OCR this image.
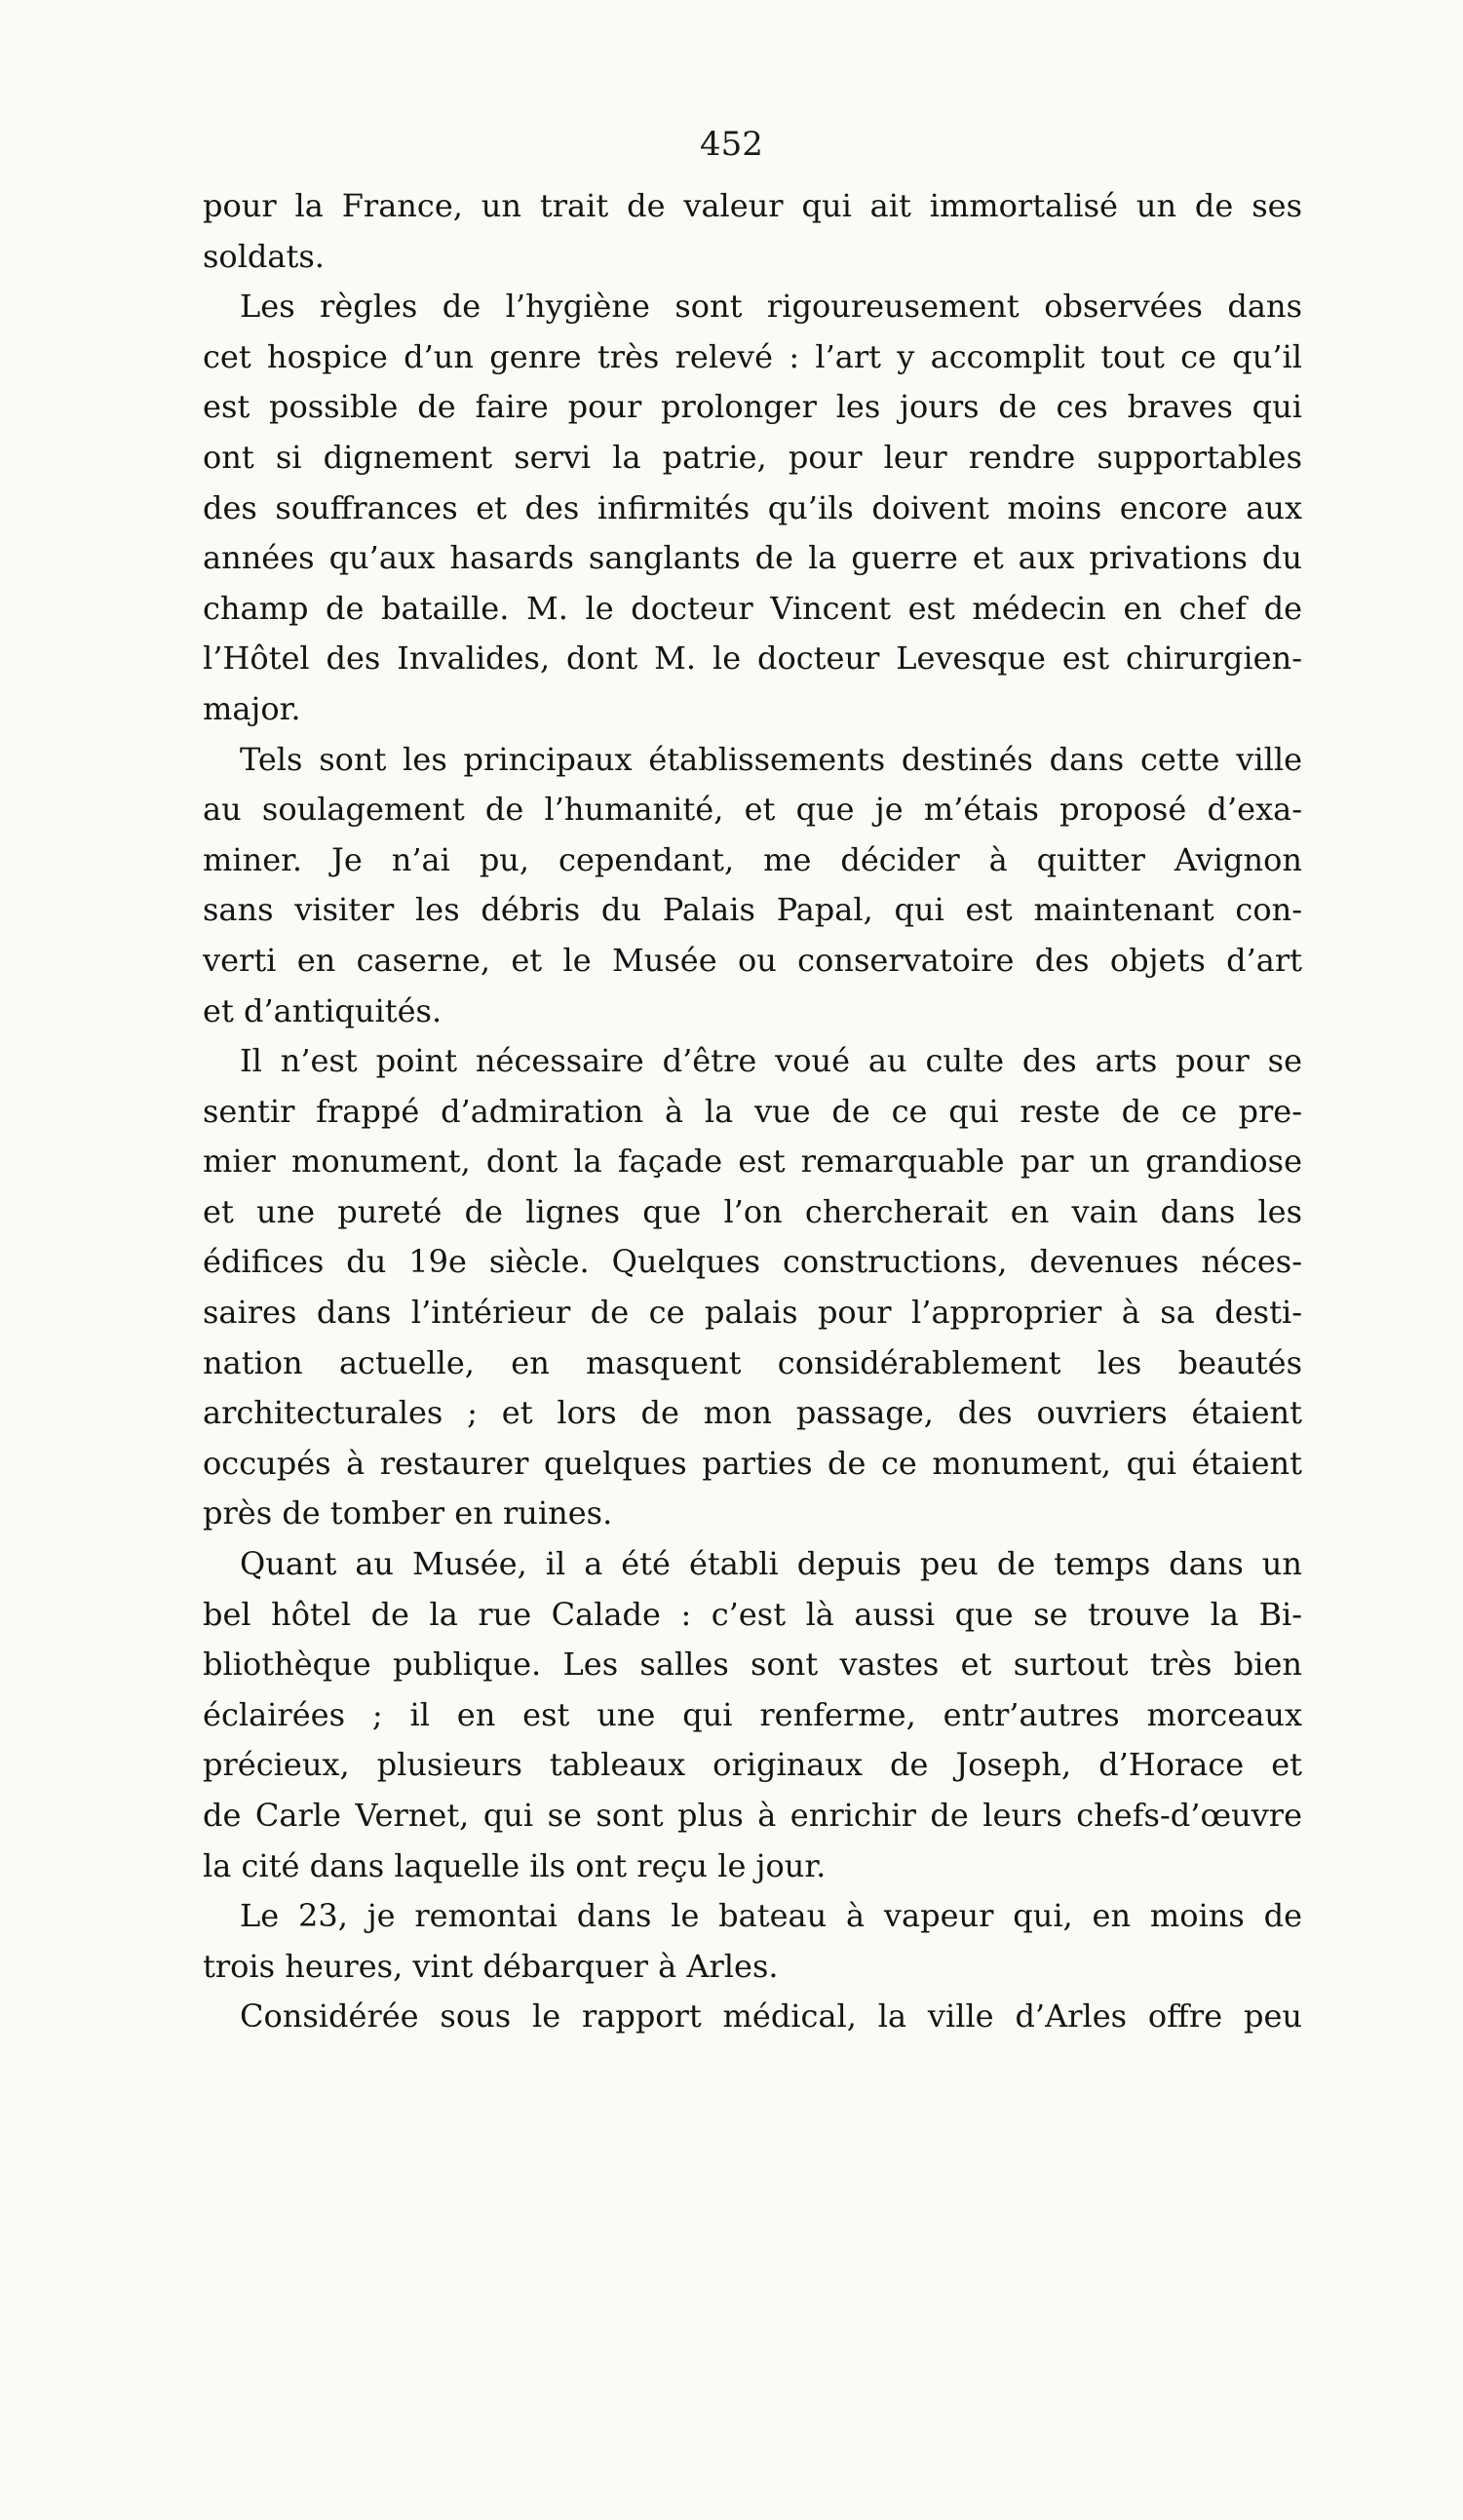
452
pour la France, un trait de valeur qui ait immortalisé un de ses
soldats.
Les règles de l’hygiène sont rigoureusement observées dans
cet hospice d’un genre très relevé : l’art y accomplit tout ce qu’il
est possible de faire pour prolonger les jours de ces braves qui
ont si dignement servi la patrie, pour leur rendre supportables
des souffrances et des infirmités qu’ils doivent moins encore aux
années qu’aux hasards sanglants de la guerre et aux privations du
champ de bataille. M. le docteur Vincent est médecin en chef de
l’Hôtel des Invalides, dont M. le docteur Levesque est chirurgien-
major.
Tels sont les principaux établissements destinés dans cette ville
au soulagement de l’humanité, et que je m’étais proposé d’exa-
miner. Je n’ai pu, cependant, me décider à quitter Avignon
sans visiter les débris du Palais Papal, qui est maintenant con-
verti en caserne, et le Musée ou conservatoire des objets d’art
et d’antiquités.
Il n’est point nécessaire d’être voué au culte des arts pour se
sentir frappé d’admiration à la vue de ce qui reste de ce pre-
mier monument, dont la façade est remarquable par un grandiose
et une pureté de lignes que l’on chercherait en vain dans les
édifices du 19e siècle. Quelques constructions, devenues néces-
saires dans l’intérieur de ce palais pour l’approprier à sa desti-
nation actuelle, en masquent considérablement les beautés
architecturales ; et lors de mon passage, des ouvriers étaient
occupés à restaurer quelques parties de ce monument, qui étaient
près de tomber en ruines.
Quant au Musée, il a été établi depuis peu de temps dans un
bel hôtel de la rue Calade : c’est là aussi que se trouve la Bi-
bliothèque publique. Les salles sont vastes et surtout très bien
éclairées ; il en est une qui renferme, entr’autres morceaux
précieux, plusieurs tableaux originaux de Joseph, d’Horace et
de Carle Vernet, qui se sont plus à enrichir de leurs chefs-d’œuvre
la cité dans laquelle ils ont reçu le jour.
Le 23, je remontai dans le bateau à vapeur qui, en moins de
trois heures, vint débarquer à Arles.
Considérée sous le rapport médical, la ville d’Arles offre peu
